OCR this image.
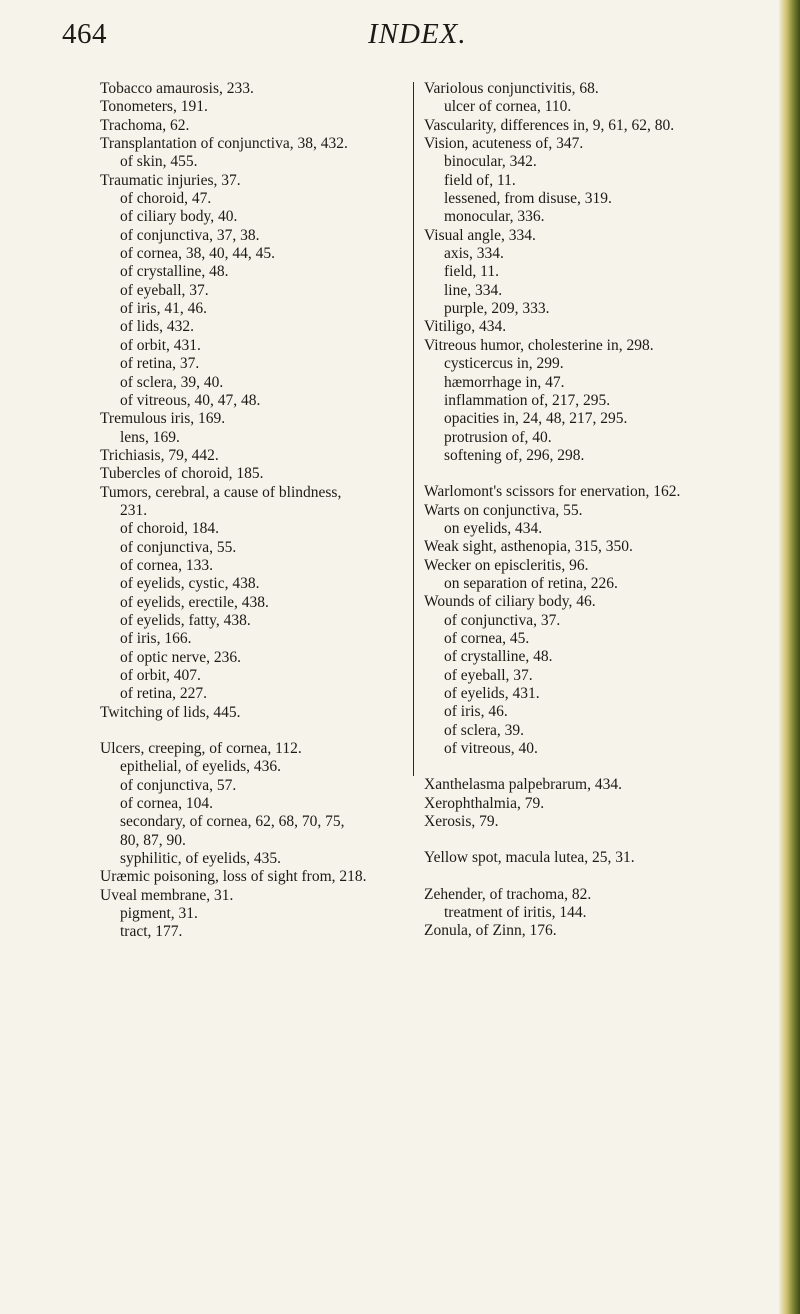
464	INDEX.
Tobacco amaurosis, 233.
Tonometers, 191.
Trachoma, 62.
Transplantation of conjunctiva, 38, 432.
of skin, 455.
Traumatic injuries, 37.
of choroid, 47.
of ciliary body, 40.
of conjunctiva, 37, 38.
of cornea, 38, 40, 44, 45.
of crystalline, 48.
of eyeball, 37.
of iris, 41, 46.
of lids, 432.
of orbit, 431.
of retina, 37.
of sclera, 39, 40.
of vitreous, 40, 47, 48.
Tremulous iris, 169.
lens, 169.
Trichiasis, 79, 442.
Tubercles of choroid, 185.
Tumors, cerebral, a cause of blindness,
231.
of choroid, 184.
of conjunctiva, 55.
of cornea, 133.
of eyelids, cystic, 438.
of eyelids, erectile, 438.
of eyelids, fatty, 438.
of iris, 166.
of optic nerve, 236.
of orbit, 407.
of retina, 227.
Twitching of lids, 445.
Ulcers, creeping, of cornea, 112.
epithelial, of eyelids, 436.
of conjunctiva, 57.
of cornea, 104.
secondary, of cornea, 62, 68, 70, 75,
80, 87, 90.
syphilitic, of eyelids, 435.
Uræmic poisoning, loss of sight from, 218.
Uveal membrane, 31.
pigment, 31.
tract, 177.
Variolous conjunctivitis, 68.
ulcer of cornea, 110.
Vascularity, differences in, 9, 61, 62, 80.
Vision, acuteness of, 347.
binocular, 342.
field of, 11.
lessened, from disuse, 319.
monocular, 336.
Visual angle, 334.
axis, 334.
field, 11.
line, 334.
purple, 209, 333.
Vitiligo, 434.
Vitreous humor, cholesterine in, 298.
cysticercus in, 299.
hæmorrhage in, 47.
inflammation of, 217, 295.
opacities in, 24, 48, 217, 295.
protrusion of, 40.
softening of, 296, 298.
Warlomont's scissors for enervation, 162.
Warts on conjunctiva, 55.
on eyelids, 434.
Weak sight, asthenopia, 315, 350.
Wecker on episcleritis, 96.
on separation of retina, 226.
Wounds of ciliary body, 46.
of conjunctiva, 37.
of cornea, 45.
of crystalline, 48.
of eyeball, 37.
of eyelids, 431.
of iris, 46.
of sclera, 39.
of vitreous, 40.
Xanthelasma palpebrarum, 434.
Xerophthalmia, 79.
Xerosis, 79.
Yellow spot, macula lutea, 25, 31.
Zehender, of trachoma, 82.
treatment of iritis, 144.
Zonula, of Zinn, 176.
